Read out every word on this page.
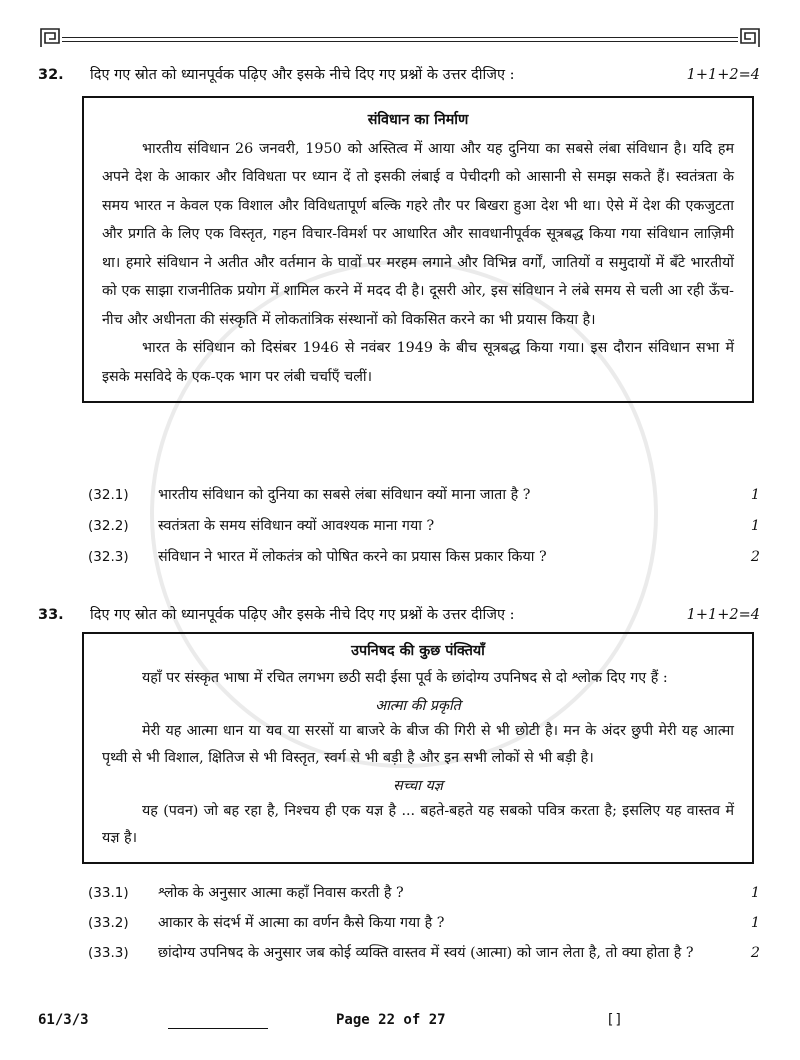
32.	दिए गए स्रोत को ध्यानपूर्वक पढ़िए और इसके नीचे दिए गए प्रश्नों के उत्तर दीजिए :	1+1+2=4
संविधान का निर्माण

भारतीय संविधान 26 जनवरी, 1950 को अस्तित्व में आया और यह दुनिया का सबसे लंबा संविधान है। यदि हम अपने देश के आकार और विविधता पर ध्यान दें तो इसकी लंबाई व पेचीदगी को आसानी से समझ सकते हैं। स्वतंत्रता के समय भारत न केवल एक विशाल और विविधतापूर्ण बल्कि गहरे तौर पर बिखरा हुआ देश भी था। ऐसे में देश की एकजुटता और प्रगति के लिए एक विस्तृत, गहन विचार-विमर्श पर आधारित और सावधानीपूर्वक सूत्रबद्ध किया गया संविधान लाज़िमी था। हमारे संविधान ने अतीत और वर्तमान के घावों पर मरहम लगाने और विभिन्न वर्गों, जातियों व समुदायों में बँटे भारतीयों को एक साझा राजनीतिक प्रयोग में शामिल करने में मदद दी है। दूसरी ओर, इस संविधान ने लंबे समय से चली आ रही ऊँच-नीच और अधीनता की संस्कृति में लोकतांत्रिक संस्थानों को विकसित करने का भी प्रयास किया है।

भारत के संविधान को दिसंबर 1946 से नवंबर 1949 के बीच सूत्रबद्ध किया गया। इस दौरान संविधान सभा में इसके मसविदे के एक-एक भाग पर लंबी चर्चाएँ चलीं।

(32.1)	भारतीय संविधान को दुनिया का सबसे लंबा संविधान क्यों माना जाता है ?	1
(32.2)	स्वतंत्रता के समय संविधान क्यों आवश्यक माना गया ?	1
(32.3)	संविधान ने भारत में लोकतंत्र को पोषित करने का प्रयास किस प्रकार किया ?	2
33.	दिए गए स्रोत को ध्यानपूर्वक पढ़िए और इसके नीचे दिए गए प्रश्नों के उत्तर दीजिए :	1+1+2=4
उपनिषद की कुछ पंक्तियाँ

यहाँ पर संस्कृत भाषा में रचित लगभग छठी सदी ईसा पूर्व के छांदोग्य उपनिषद से दो श्लोक दिए गए हैं :

आत्मा की प्रकृति

मेरी यह आत्मा धान या यव या सरसों या बाजरे के बीज की गिरी से भी छोटी है। मन के अंदर छुपी मेरी यह आत्मा पृथ्वी से भी विशाल, क्षितिज से भी विस्तृत, स्वर्ग से भी बड़ी है और इन सभी लोकों से भी बड़ी है।

सच्चा यज्ञ

यह (पवन) जो बह रहा है, निश्चय ही एक यज्ञ है ... बहते-बहते यह सबको पवित्र करता है; इसलिए यह वास्तव में यज्ञ है।

(33.1)	श्लोक के अनुसार आत्मा कहाँ निवास करती है ?	1
(33.2)	आकार के संदर्भ में आत्मा का वर्णन कैसे किया गया है ?	1
(33.3)	छांदोग्य उपनिषद के अनुसार जब कोई व्यक्ति वास्तव में स्वयं (आत्मा) को जान लेता है, तो क्या होता है ?	2
61/3/3	Page 22 of 27	[]
